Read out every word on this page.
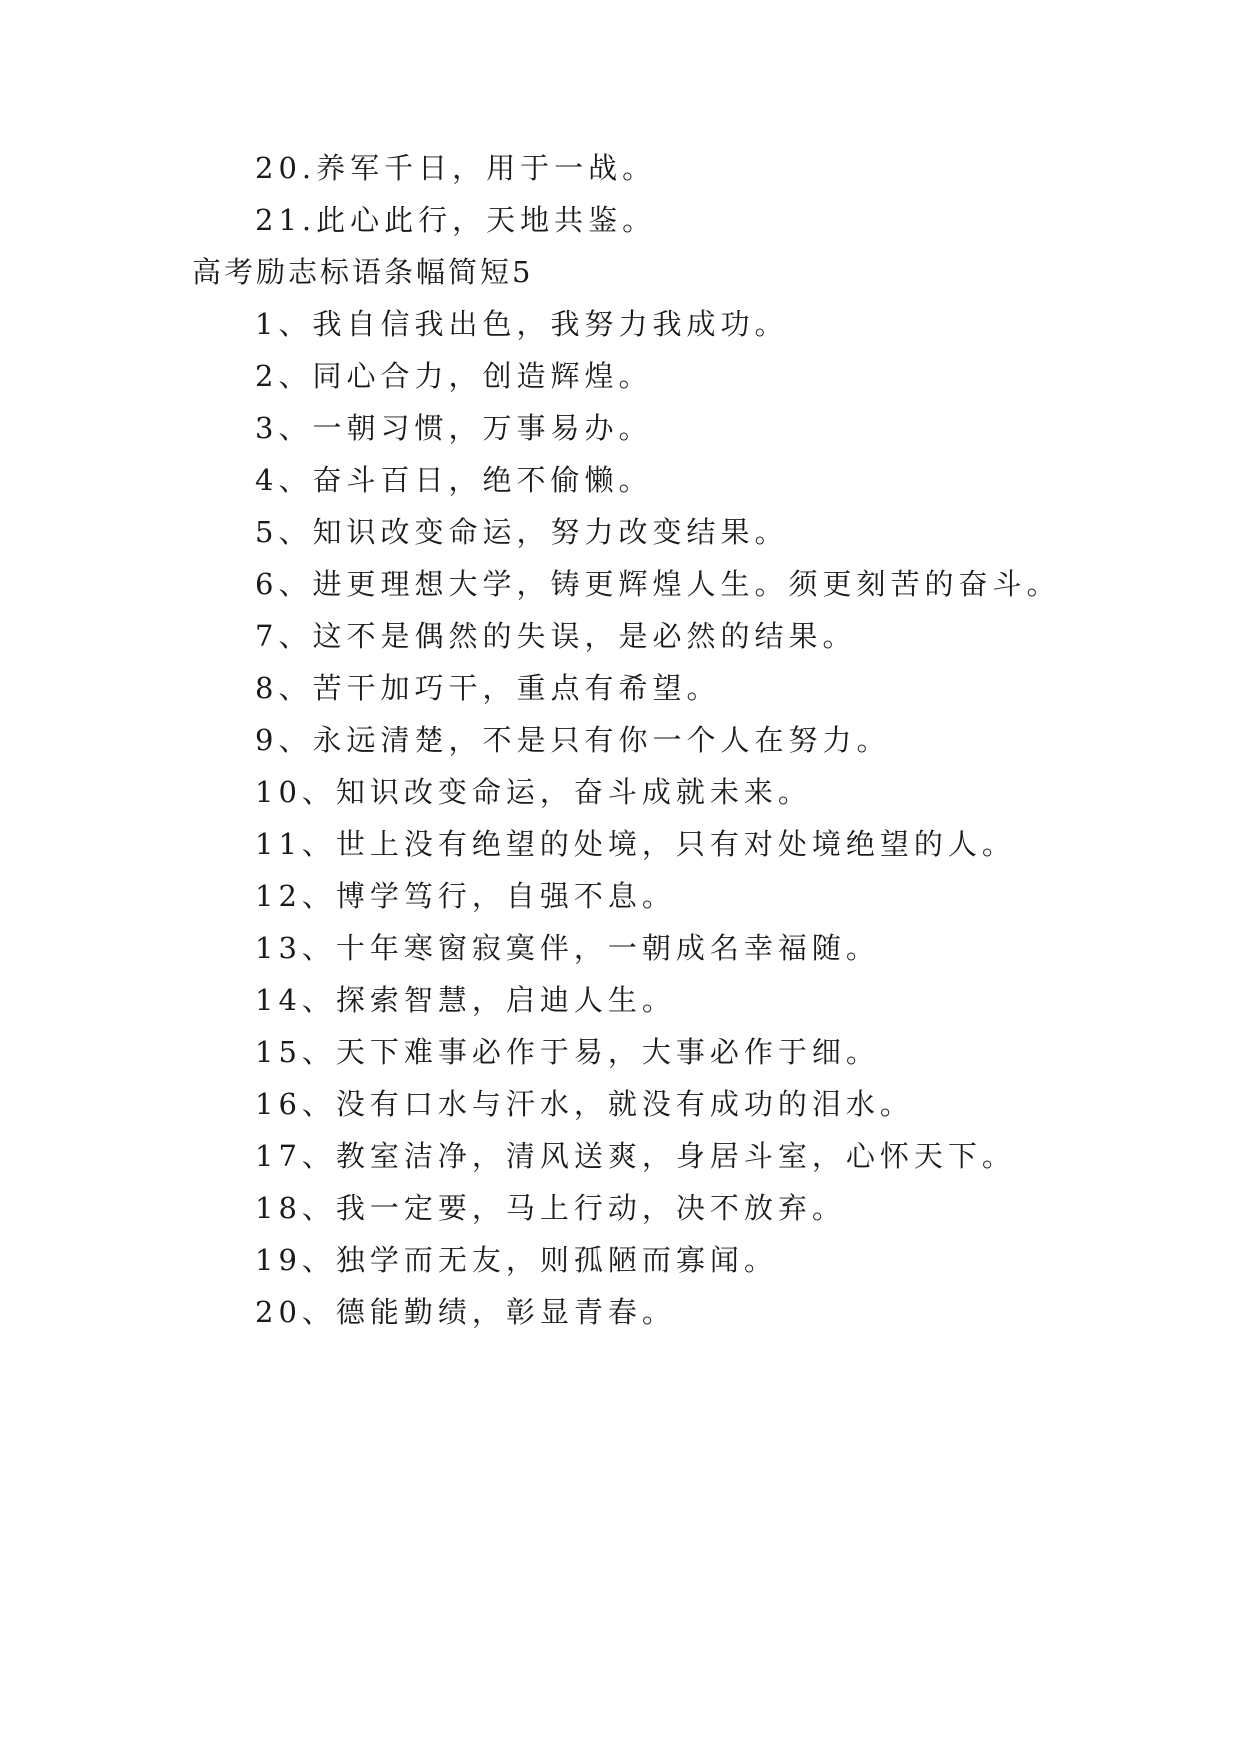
20.养军千日，用于一战。
21.此心此行，天地共鉴。
高考励志标语条幅简短5
1、我自信我出色，我努力我成功。
2、同心合力，创造辉煌。
3、一朝习惯，万事易办。
4、奋斗百日，绝不偷懒。
5、知识改变命运，努力改变结果。
6、进更理想大学，铸更辉煌人生。须更刻苦的奋斗。
7、这不是偶然的失误，是必然的结果。
8、苦干加巧干，重点有希望。
9、永远清楚，不是只有你一个人在努力。
10、知识改变命运，奋斗成就未来。
11、世上没有绝望的处境，只有对处境绝望的人。
12、博学笃行，自强不息。
13、十年寒窗寂寞伴，一朝成名幸福随。
14、探索智慧，启迪人生。
15、天下难事必作于易，大事必作于细。
16、没有口水与汗水，就没有成功的泪水。
17、教室洁净，清风送爽，身居斗室，心怀天下。
18、我一定要，马上行动，决不放弃。
19、独学而无友，则孤陋而寡闻。
20、德能勤绩，彰显青春。
